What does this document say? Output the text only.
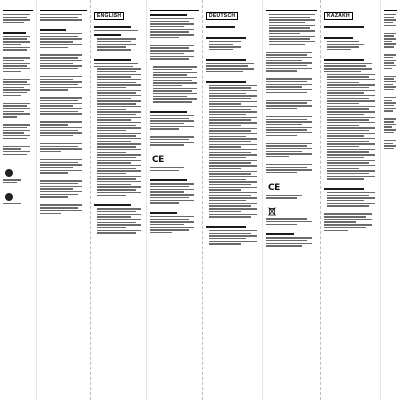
ENGLISH
CE
DEUTSCH
CE
KAZAKH
